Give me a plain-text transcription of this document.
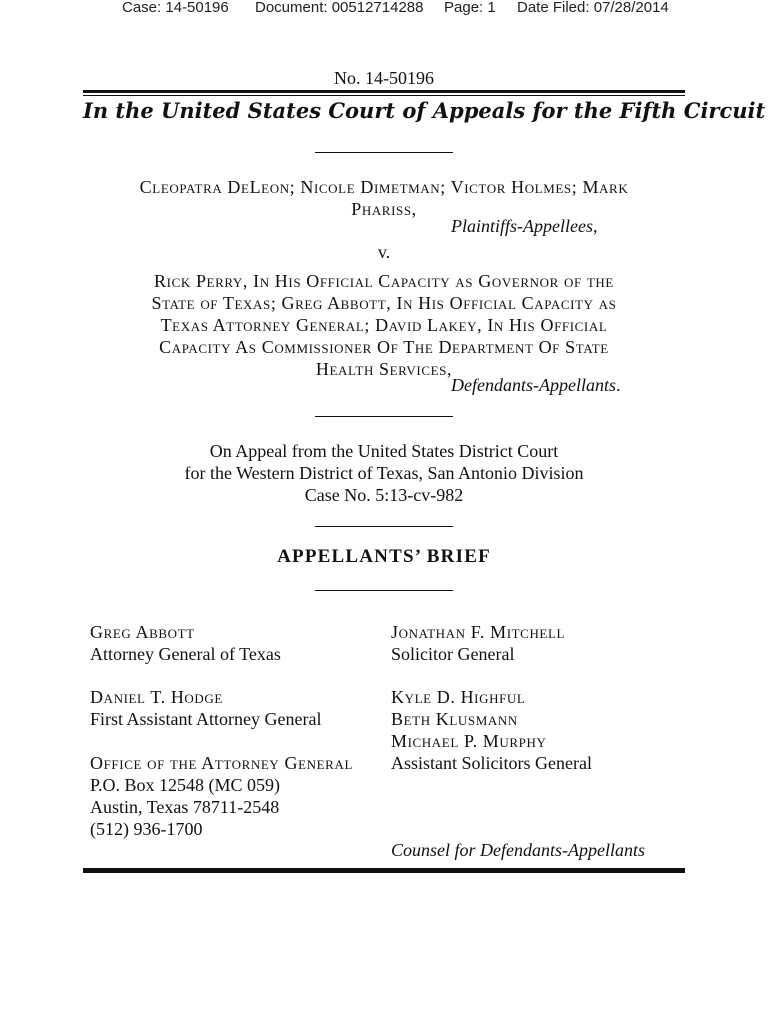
Case: 14-50196 Document: 00512714288 Page: 1 Date Filed: 07/28/2014
No. 14-50196
In the United States Court of Appeals for the Fifth Circuit
Cleopatra DeLeon; Nicole Dimetman; Victor Holmes; Mark
Phariss,
Plaintiffs-Appellees,
v.
Rick Perry, In His Official Capacity as Governor of the
State of Texas; Greg Abbott, In His Official Capacity as
Texas Attorney General; David Lakey, In His Official
Capacity As Commissioner Of The Department Of State
Health Services,
Defendants-Appellants.
On Appeal from the United States District Court
for the Western District of Texas, San Antonio Division
Case No. 5:13-cv-982
APPELLANTS’ BRIEF
Greg Abbott
Attorney General of Texas
Daniel T. Hodge
First Assistant Attorney General
Office of the Attorney General
P.O. Box 12548 (MC 059)
Austin, Texas 78711-2548
(512) 936-1700
Jonathan F. Mitchell
Solicitor General
Kyle D. Highful
Beth Klusmann
Michael P. Murphy
Assistant Solicitors General
Counsel for Defendants-Appellants
